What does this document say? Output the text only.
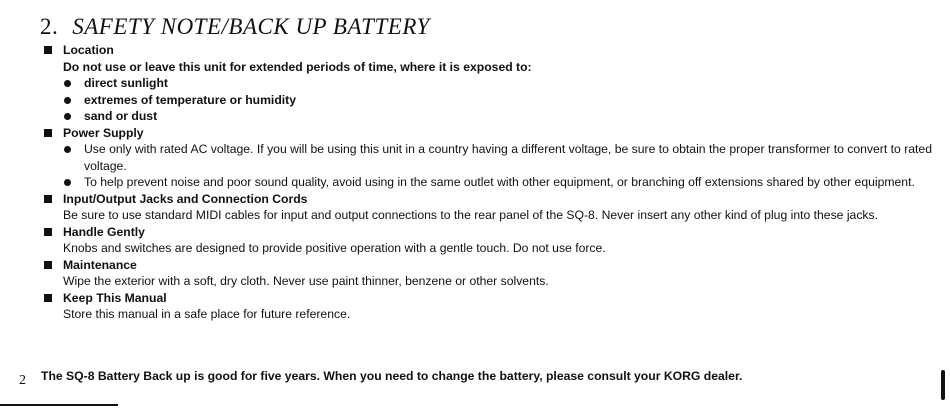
2. SAFETY NOTE/BACK UP BATTERY
Location
Do not use or leave this unit for extended periods of time, where it is exposed to:
direct sunlight
extremes of temperature or humidity
sand or dust
Power Supply
Use only with rated AC voltage. If you will be using this unit in a country having a different voltage, be sure to obtain the proper transformer to convert to rated voltage.
To help prevent noise and poor sound quality, avoid using in the same outlet with other equipment, or branching off extensions shared by other equipment.
Input/Output Jacks and Connection Cords
Be sure to use standard MIDI cables for input and output connections to the rear panel of the SQ-8. Never insert any other kind of plug into these jacks.
Handle Gently
Knobs and switches are designed to provide positive operation with a gentle touch. Do not use force.
Maintenance
Wipe the exterior with a soft, dry cloth. Never use paint thinner, benzene or other solvents.
Keep This Manual
Store this manual in a safe place for future reference.
2 The SQ-8 Battery Back up is good for five years. When you need to change the battery, please consult your KORG dealer.
